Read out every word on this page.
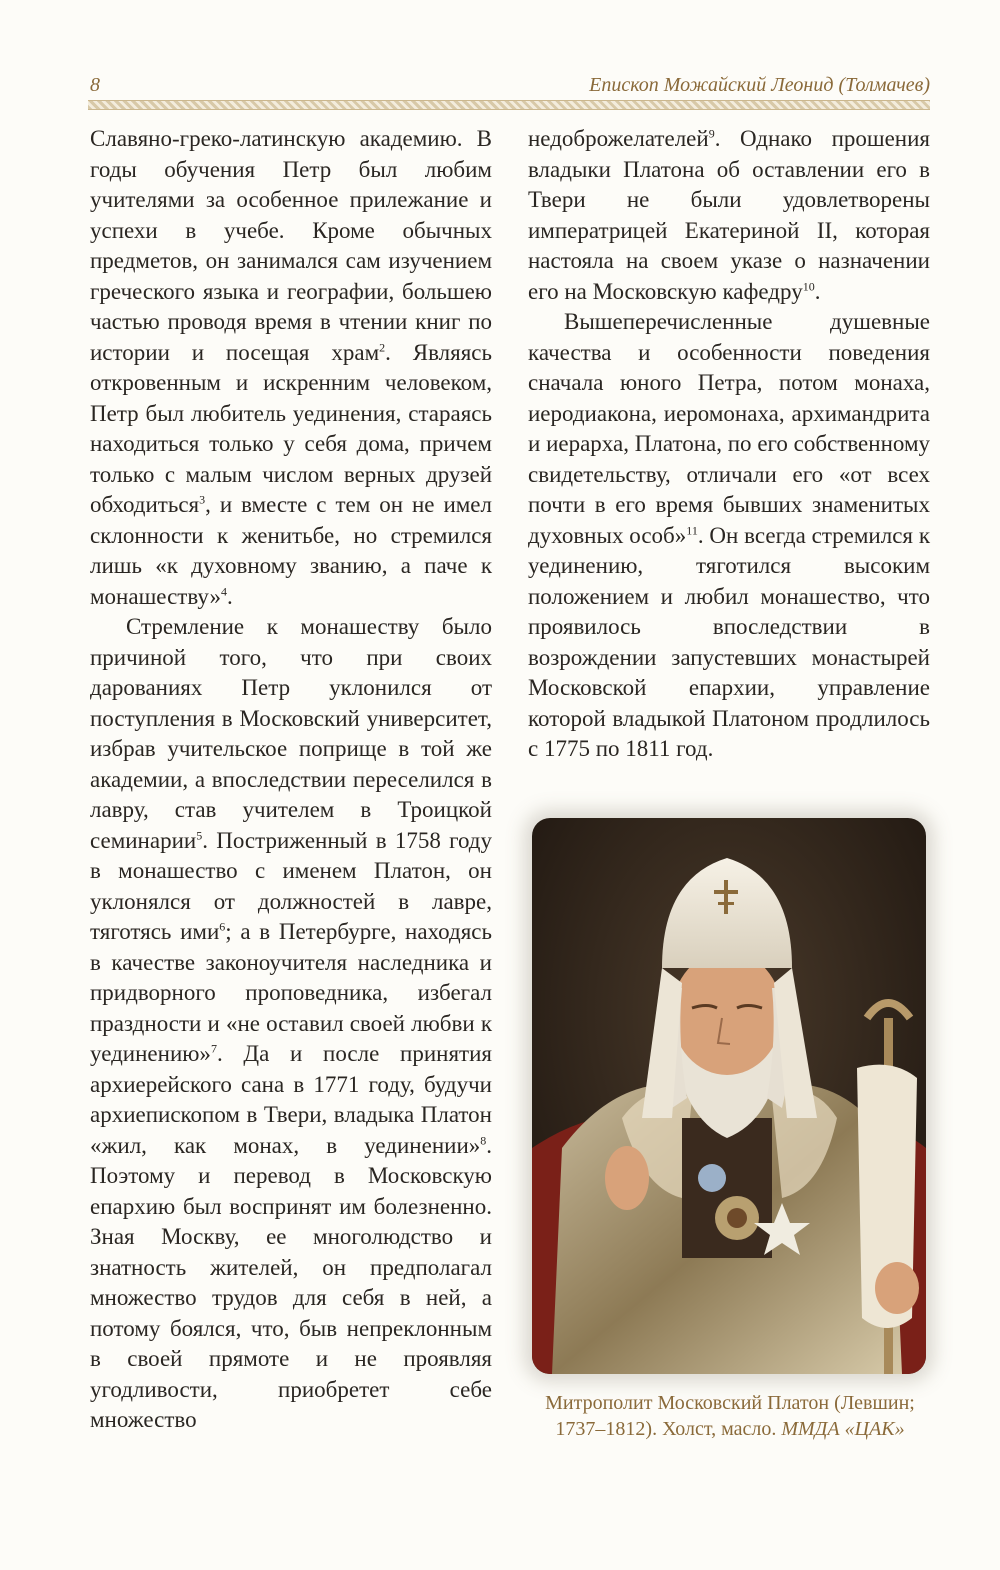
8	Епископ Можайский Леонид (Толмачев)

Славяно-греко-латинскую академию. В годы обучения Петр был любим учителями за особенное прилежание и успехи в учебе. Кроме обычных предметов, он занимался сам изучением греческого языка и географии, большею частью проводя время в чтении книг по истории и посещая храм$^2$. Являясь откровенным и искренним человеком, Петр был любитель уединения, стараясь находиться только у себя дома, причем только с малым числом верных друзей обходиться$^3$, и вместе с тем он не имел склонности к женитьбе, но стремился лишь «к духовному званию, а паче к монашеству»$^4$.

Стремление к монашеству было причиной того, что при своих дарованиях Петр уклонился от поступления в Московский университет, избрав учительское поприще в той же академии, а впоследствии переселился в лавру, став учителем в Троицкой семинарии$^5$. Постриженный в 1758 году в монашество с именем Платон, он уклонялся от должностей в лавре, тяготясь ими$^6$; а в Петербурге, находясь в качестве законоучителя наследника и придворного проповедника, избегал праздности и «не оставил своей любви к уединению»$^7$. Да и после принятия архиерейского сана в 1771 году, будучи архиепископом в Твери, владыка Платон «жил, как монах, в уединении»$^8$. Поэтому и перевод в Московскую епархию был воспринят им болезненно. Зная Москву, ее многолюдство и знатность жителей, он предполагал множество трудов для себя в ней, а потому боялся, что, быв непреклонным в своей прямоте и не проявляя угодливости, приобретет себе множество

недоброжелателей$^9$. Однако прошения владыки Платона об оставлении его в Твери не были удовлетворены императрицей Екатериной II, которая настояла на своем указе о назначении его на Московскую кафедру$^{10}$.

Вышеперечисленные душевные качества и особенности поведения сначала юного Петра, потом монаха, иеродиакона, иеромонаха, архимандрита и иерарха, Платона, по его собственному свидетельству, отличали его «от всех почти в его время бывших знаменитых духовных особ»$^{11}$. Он всегда стремился к уединению, тяготился высоким положением и любил монашество, что проявилось впоследствии в возрождении запустевших монастырей Московской епархии, управление которой владыкой Платоном продлилось с 1775 по 1811 год.

Митрополит Московский Платон (Левшин; 1737–1812). Холст, масло. ММДА «ЦАК»
